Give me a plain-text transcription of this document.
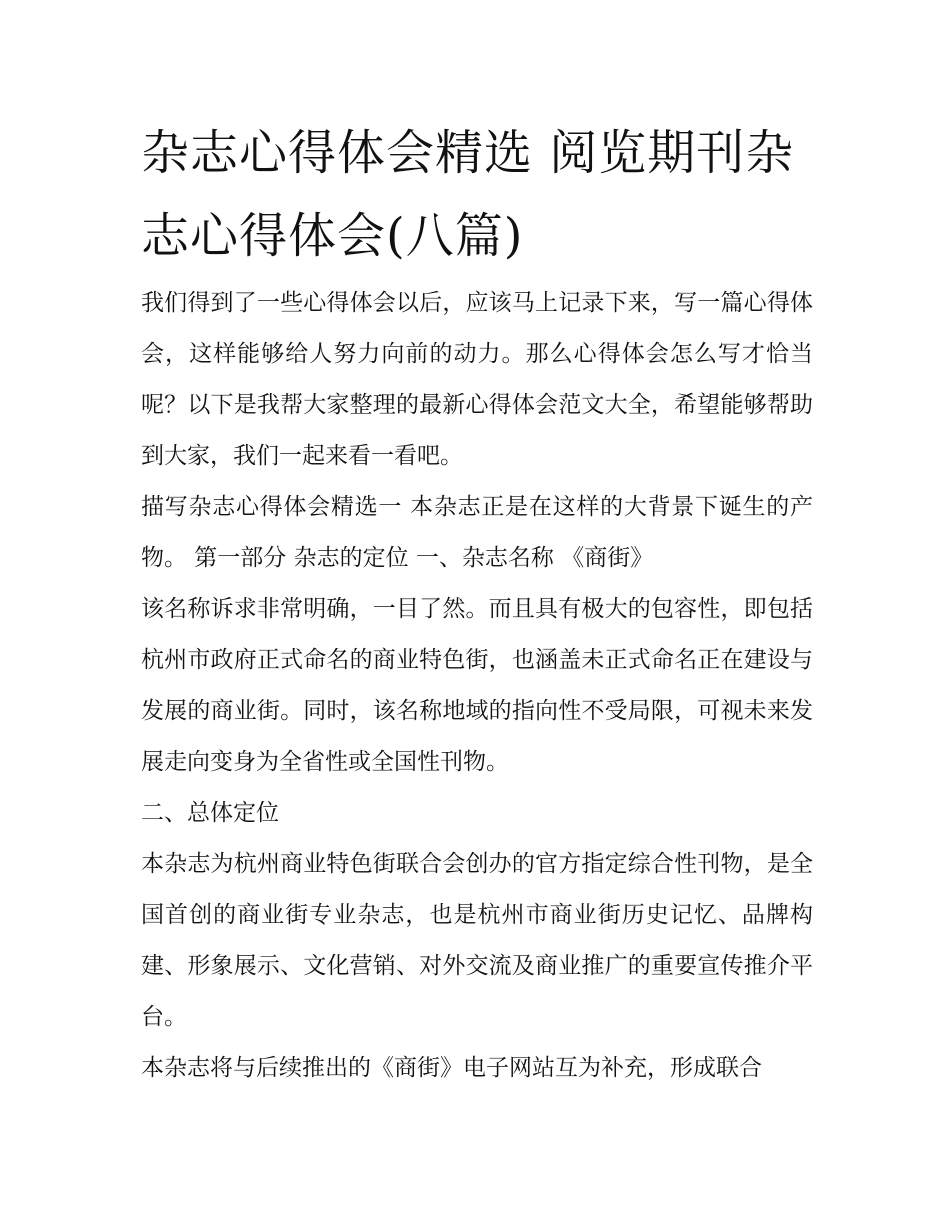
杂志心得体会精选 阅览期刊杂志心得体会(八篇)

我们得到了一些心得体会以后，应该马上记录下来，写一篇心得体会，这样能够给人努力向前的动力。那么心得体会怎么写才恰当呢？以下是我帮大家整理的最新心得体会范文大全，希望能够帮助到大家，我们一起来看一看吧。

描写杂志心得体会精选一 本杂志正是在这样的大背景下诞生的产物。 第一部分 杂志的定位 一、杂志名称 《商街》

该名称诉求非常明确，一目了然。而且具有极大的包容性，即包括杭州市政府正式命名的商业特色街，也涵盖未正式命名正在建设与发展的商业街。同时，该名称地域的指向性不受局限，可视未来发展走向变身为全省性或全国性刊物。

二、总体定位

本杂志为杭州商业特色街联合会创办的官方指定综合性刊物，是全国首创的商业街专业杂志，也是杭州市商业街历史记忆、品牌构建、形象展示、文化营销、对外交流及商业推广的重要宣传推介平台。

本杂志将与后续推出的《商街》电子网站互为补充，形成联合
